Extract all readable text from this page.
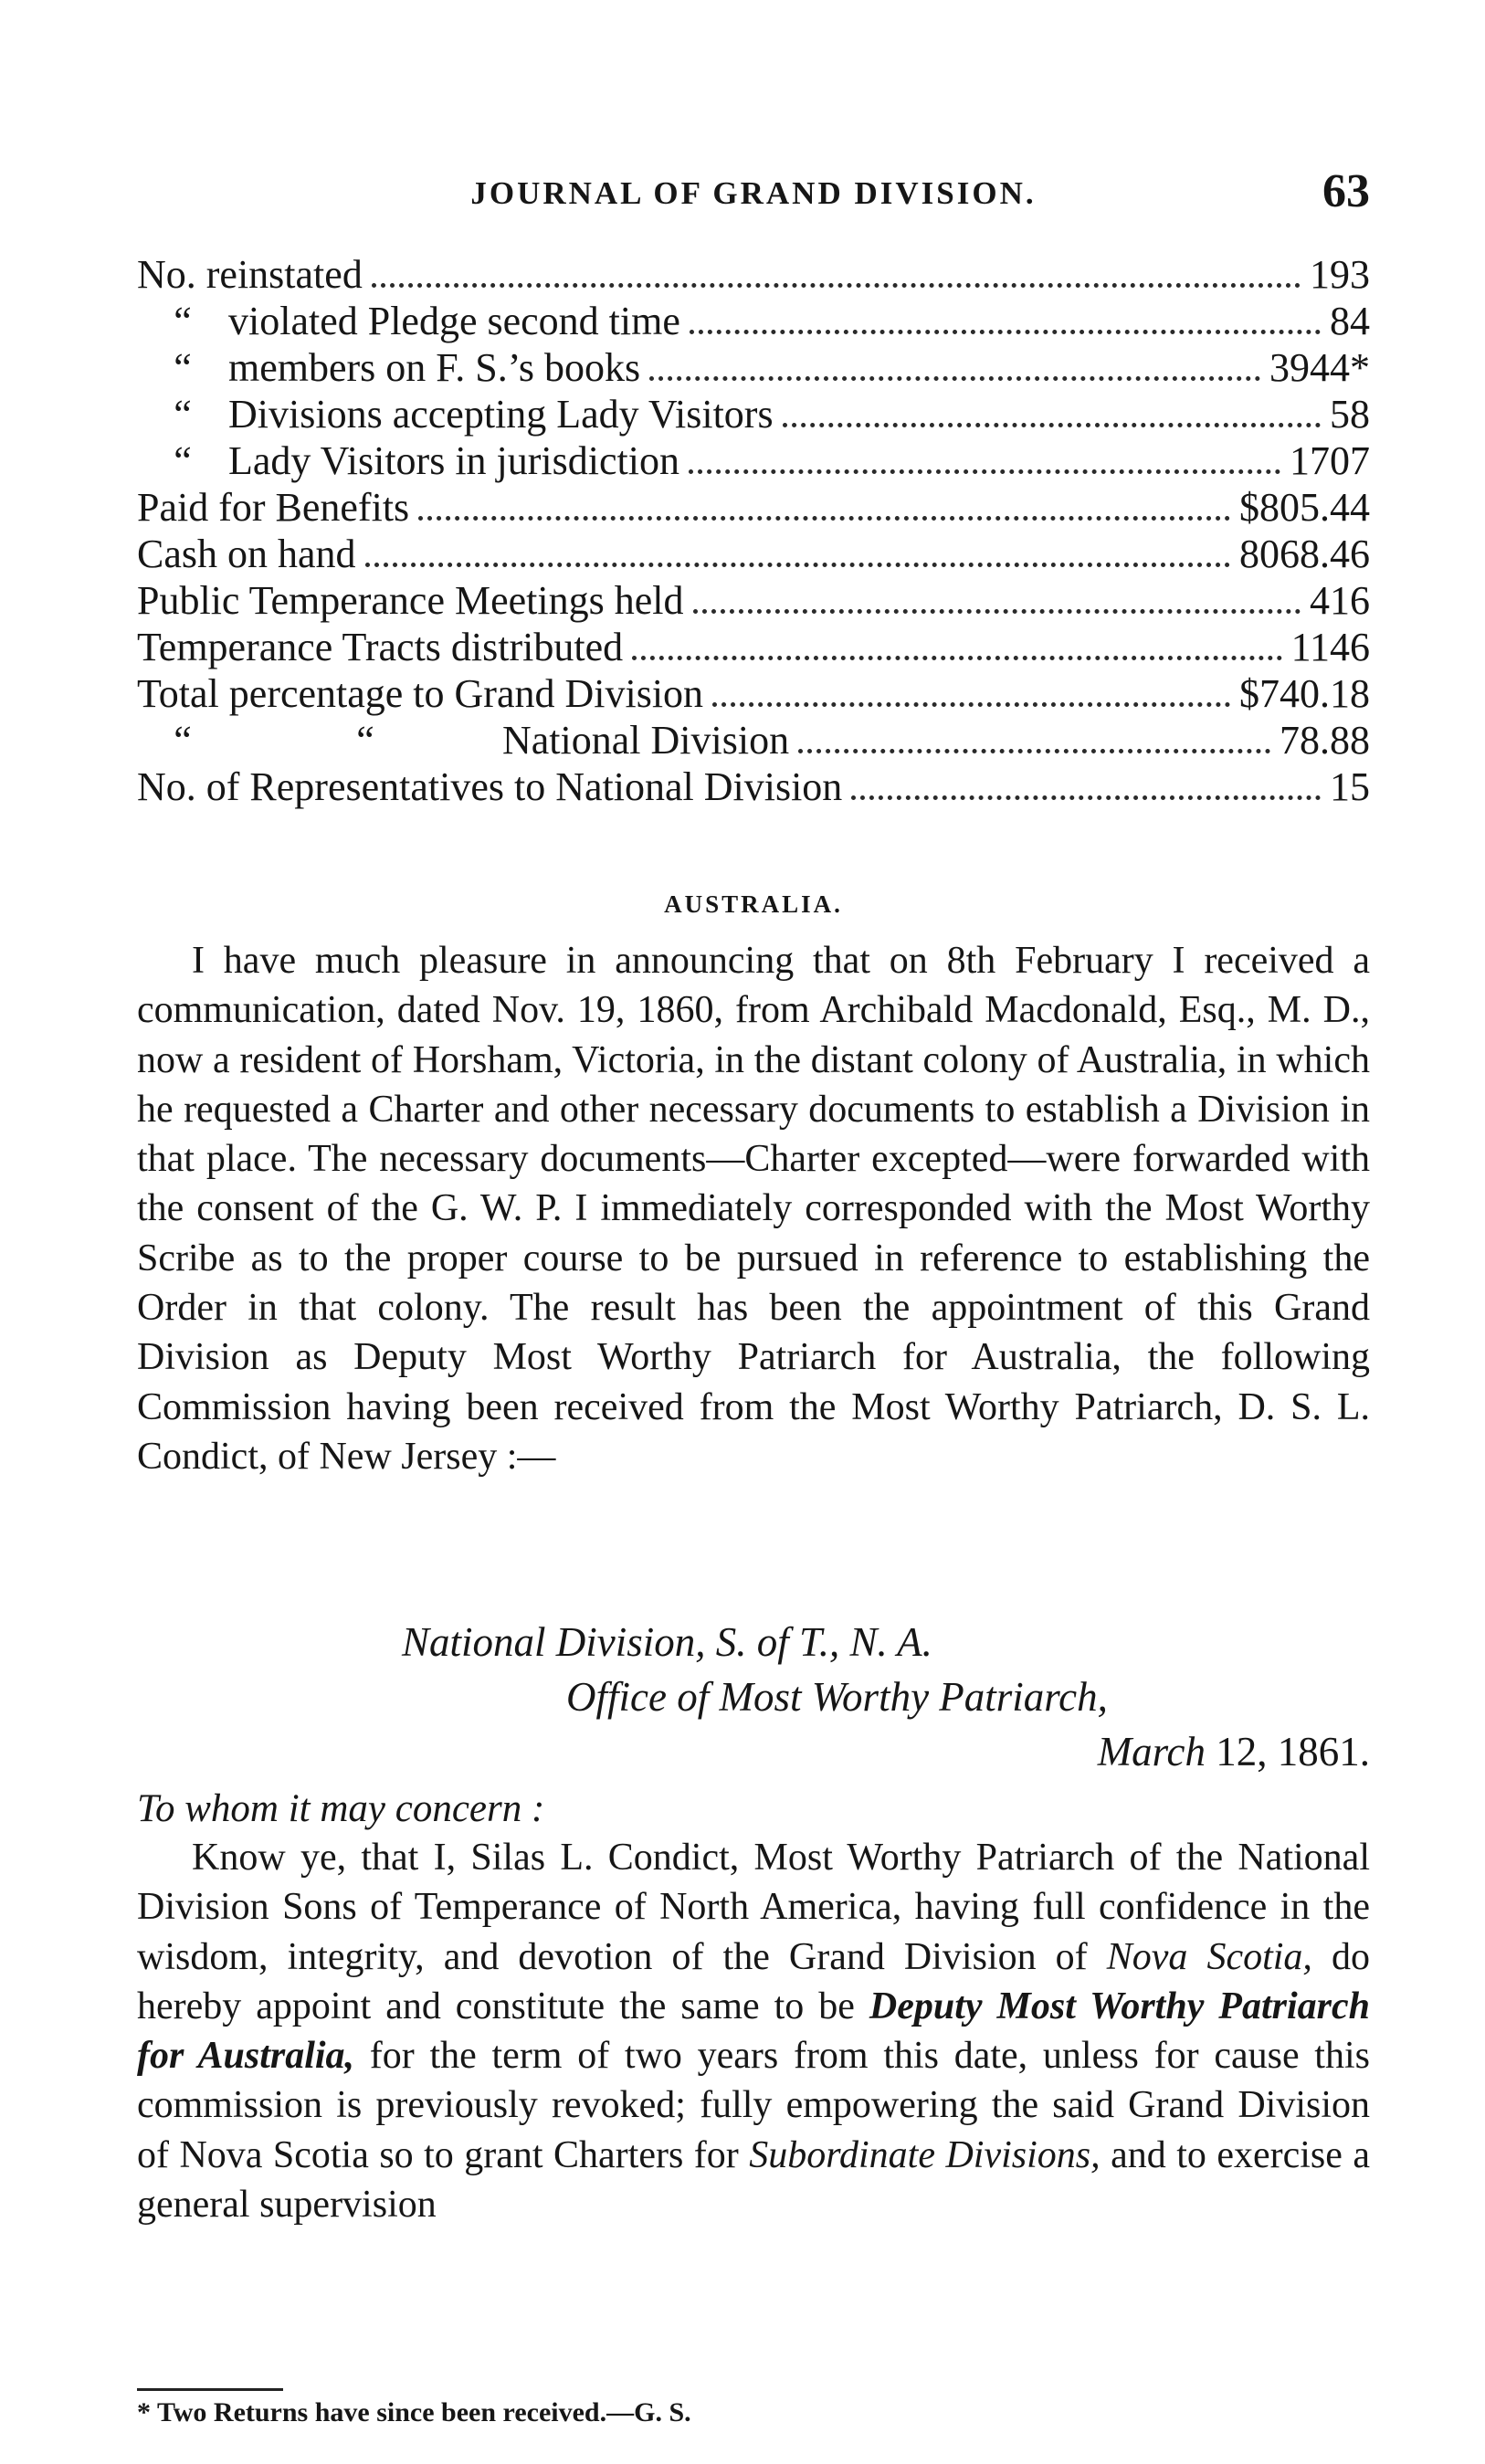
JOURNAL OF GRAND DIVISION.	63
No. reinstated	193
“ violated Pledge second time	84
“ members on F. S.’s books	3944*
“ Divisions accepting Lady Visitors	58
“ Lady Visitors in jurisdiction	1707
Paid for Benefits	$805.44
Cash on hand	8068.46
Public Temperance Meetings held	416
Temperance Tracts distributed	1146
Total percentage to Grand Division	$740.18
“	“	National Division	78.88
No. of Representatives to National Division	15
AUSTRALIA.

I have much pleasure in announcing that on 8th February I received a communication, dated Nov. 19, 1860, from Archibald Macdonald, Esq., M. D., now a resident of Horsham, Victoria, in the distant colony of Australia, in which he requested a Charter and other necessary documents to establish a Division in that place. The necessary documents—Charter excepted—were forwarded with the consent of the G. W. P. I immediately corresponded with the Most Worthy Scribe as to the proper course to be pursued in reference to establishing the Order in that colony. The result has been the appointment of this Grand Division as Deputy Most Worthy Patriarch for Australia, the following Commission having been received from the Most Worthy Patriarch, D. S. L. Condict, of New Jersey :—

National Division, S. of T., N. A.
Office of Most Worthy Patriarch,
March 12, 1861.
To whom it may concern :

Know ye, that I, Silas L. Condict, Most Worthy Patriarch of the National Division Sons of Temperance of North America, having full confidence in the wisdom, integrity, and devotion of the Grand Division of Nova Scotia, do hereby appoint and constitute the same to be Deputy Most Worthy Patriarch for Australia, for the term of two years from this date, unless for cause this commission is previously revoked; fully empowering the said Grand Division of Nova Scotia so to grant Charters for Subordinate Divisions, and to exercise a general supervision

* Two Returns have since been received.—G. S.
